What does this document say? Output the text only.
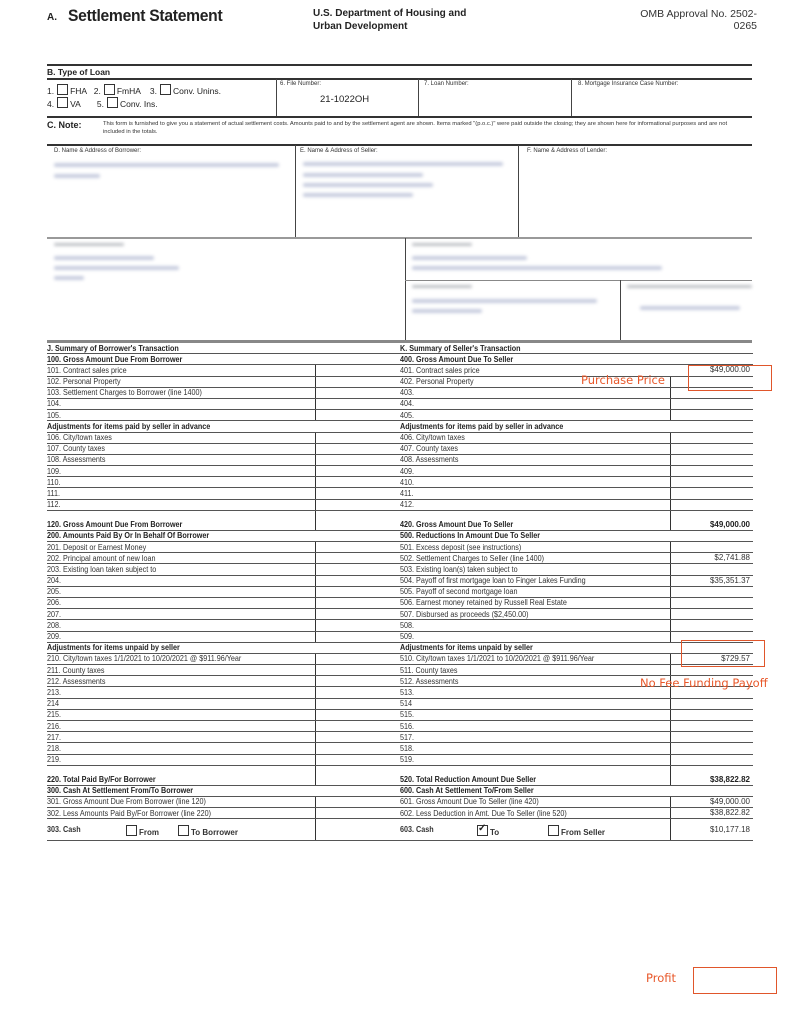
A. Settlement Statement	U.S. Department of Housing and
Urban Development
OMB Approval No. 2502-0265
B. Type of Loan
1. FHA 2. FmHA 3. Conv. Unins.
4. VA 5. Conv. Ins.
6. File Number:
21-1022OH
7. Loan Number:	8. Mortgage Insurance Case Number:
C. Note:	This form is furnished to give you a statement of actual settlement costs. Amounts paid to and by the settlement agent are shown. Items marked "(p.o.c.)" were paid outside the closing; they are shown here for informational purposes and are not included in the totals.
D. Name & Address of Borrower:	E. Name & Address of Seller:	F. Name & Address of Lender:
J. Summary of Borrower's Transaction
100. Gross Amount Due From Borrower
101. Contract sales price
102. Personal Property
103. Settlement Charges to Borrower (line 1400)
104.
105.
Adjustments for items paid by seller in advance
106. City/town taxes
107. County taxes
108. Assessments
109.
110.
111.
112.
120. Gross Amount Due From Borrower
200. Amounts Paid By Or In Behalf Of Borrower
201. Deposit or Earnest Money
202. Principal amount of new loan
203. Existing loan taken subject to
204.
205.
206.
207.
208.
209.
Adjustments for items unpaid by seller
210. City/town taxes 1/1/2021 to 10/20/2021 @ $911.96/Year
211. County taxes
212. Assessments
213.
214
215.
216.
217.
218.
219.
220. Total Paid By/For Borrower
300. Cash At Settlement From/To Borrower
301. Gross Amount Due From Borrower (line 120)
302. Less Amounts Paid By/For Borrower (line 220)
303. Cash	From	To Borrower
K. Summary of Seller's Transaction
400. Gross Amount Due To Seller
401. Contract sales price	$49,000.00
402. Personal Property
403.
404.
405.
Adjustments for items paid by seller in advance
406. City/town taxes
407. County taxes
408. Assessments
409.
410.
411.
412.
420. Gross Amount Due To Seller	$49,000.00
500. Reductions In Amount Due To Seller
501. Excess deposit (see instructions)
502. Settlement Charges to Seller (line 1400)	$2,741.88
503. Existing loan(s) taken subject to
504. Payoff of first mortgage loan to Finger Lakes Funding	$35,351.37
505. Payoff of second mortgage loan
506. Earnest money retained by Russell Real Estate
507. Disbursed as proceeds ($2,450.00)
508.
509.
Adjustments for items unpaid by seller
510. City/town taxes 1/1/2021 to 10/20/2021 @ $911.96/Year	$729.57
511. County taxes
512. Assessments
513.
514
515.
516.
517.
518.
519.
520. Total Reduction Amount Due Seller	$38,822.82
600. Cash At Settlement To/From Seller
601. Gross Amount Due To Seller (line 420)	$49,000.00
602. Less Deduction in Amt. Due To Seller (line 520)	$38,822.82
603. Cash ✓	To	From Seller	$10,177.18
Purchase Price
No Fee Funding Payoff
Profit
